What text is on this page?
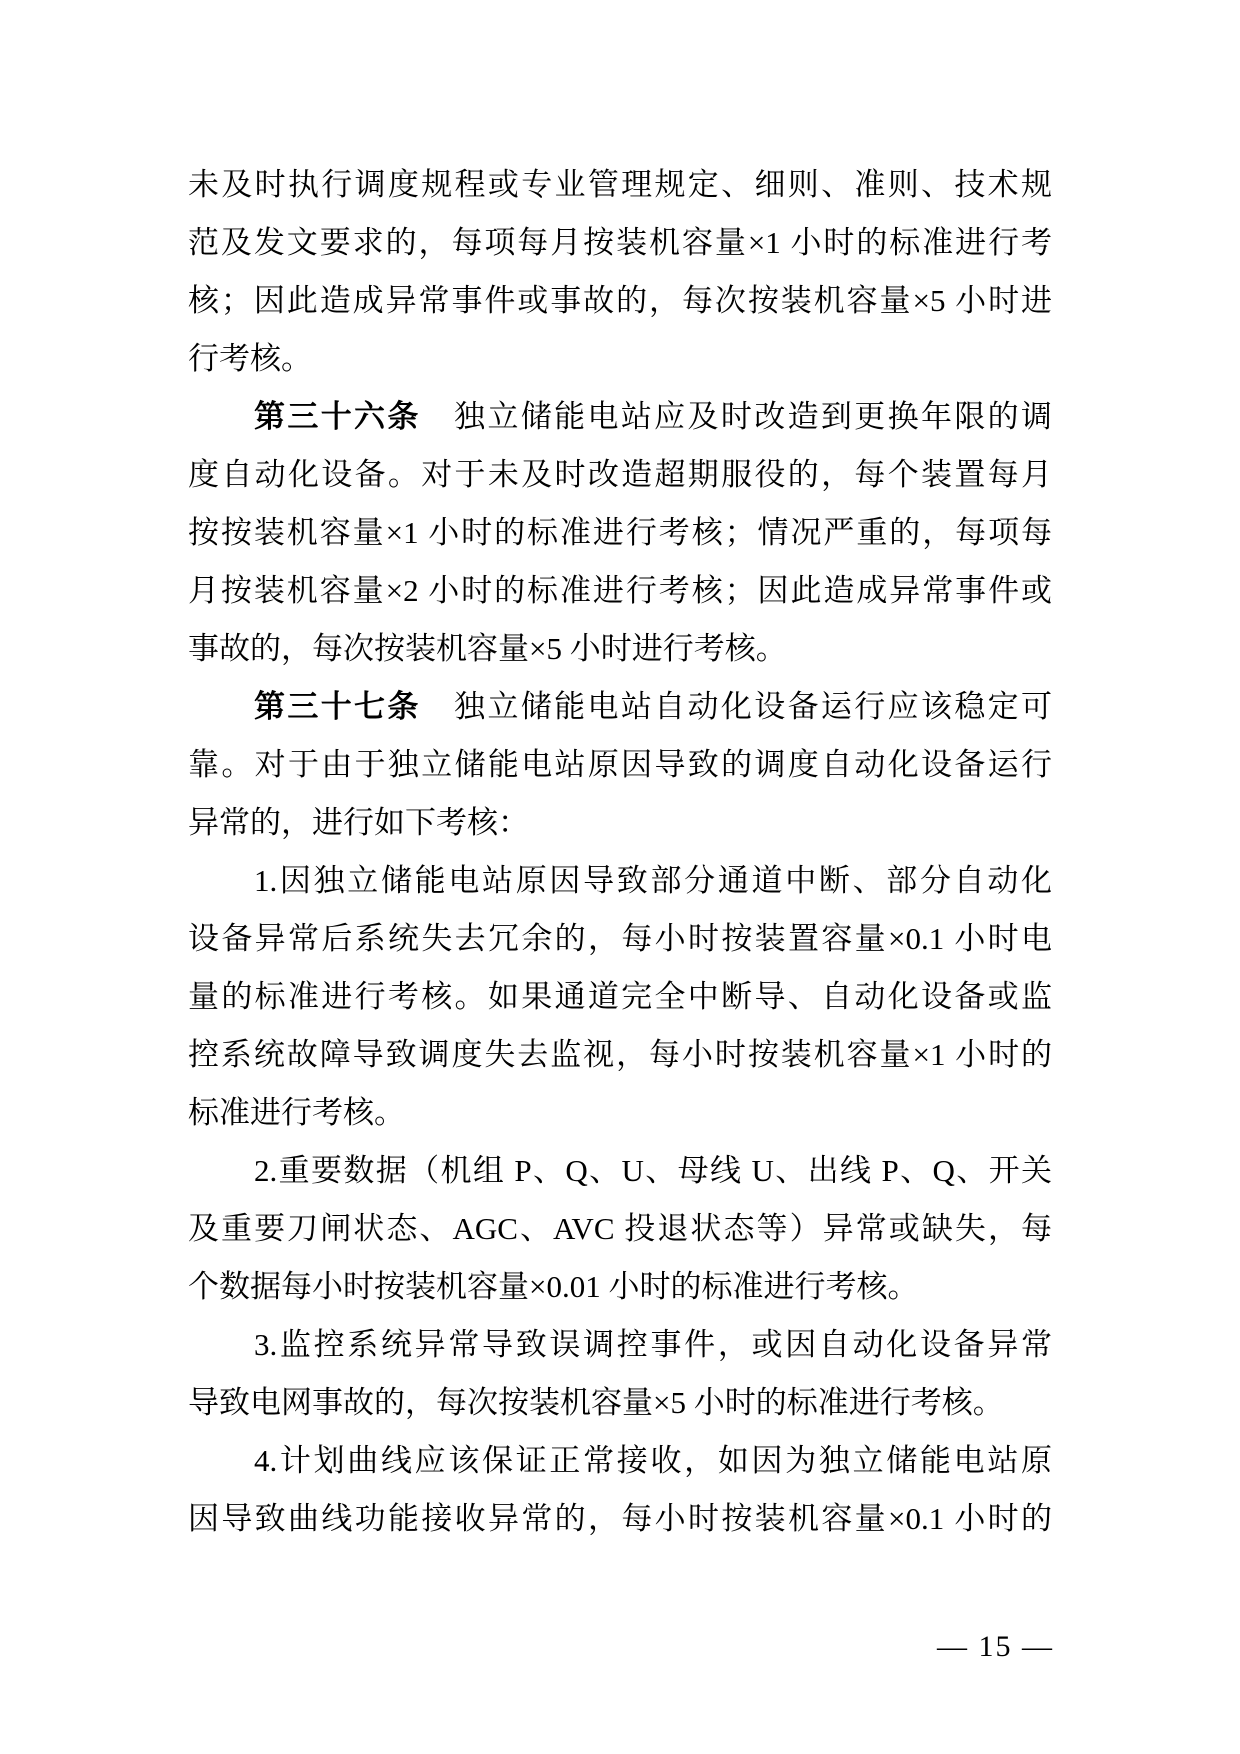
未及时执行调度规程或专业管理规定、细则、准则、技术规
范及发文要求的，每项每月按装机容量×1 小时的标准进行考
核；因此造成异常事件或事故的，每次按装机容量×5 小时进
行考核。
第三十六条　独立储能电站应及时改造到更换年限的调
度自动化设备。对于未及时改造超期服役的，每个装置每月
按按装机容量×1 小时的标准进行考核；情况严重的，每项每
月按装机容量×2 小时的标准进行考核；因此造成异常事件或
事故的，每次按装机容量×5 小时进行考核。
第三十七条　独立储能电站自动化设备运行应该稳定可
靠。对于由于独立储能电站原因导致的调度自动化设备运行
异常的，进行如下考核：
1.因独立储能电站原因导致部分通道中断、部分自动化
设备异常后系统失去冗余的，每小时按装置容量×0.1 小时电
量的标准进行考核。如果通道完全中断导、自动化设备或监
控系统故障导致调度失去监视，每小时按装机容量×1 小时的
标准进行考核。
2.重要数据（机组 P、Q、U、母线 U、出线 P、Q、开关
及重要刀闸状态、AGC、AVC 投退状态等）异常或缺失，每
个数据每小时按装机容量×0.01 小时的标准进行考核。
3.监控系统异常导致误调控事件，或因自动化设备异常
导致电网事故的，每次按装机容量×5 小时的标准进行考核。
4.计划曲线应该保证正常接收，如因为独立储能电站原
因导致曲线功能接收异常的，每小时按装机容量×0.1 小时的
— 15 —
